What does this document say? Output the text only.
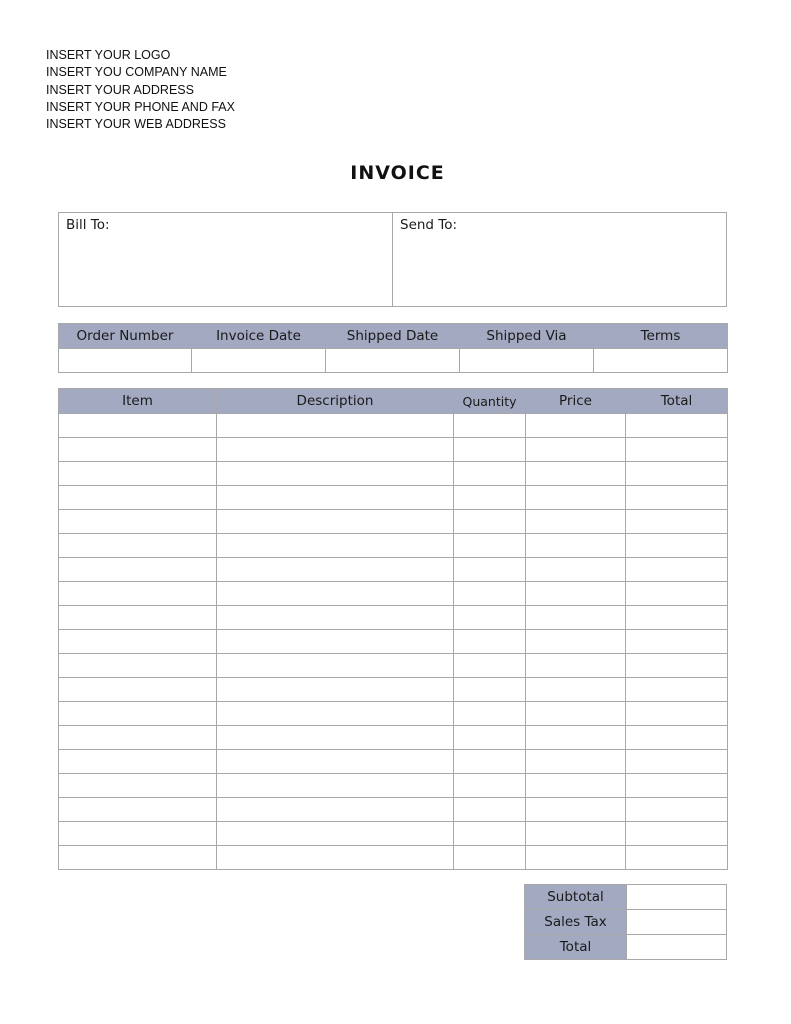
INSERT YOUR LOGO
INSERT YOU COMPANY NAME
INSERT YOUR ADDRESS
INSERT YOUR PHONE AND FAX
INSERT YOUR WEB ADDRESS
INVOICE
Bill To:	Send To:
Order Number	Invoice Date	Shipped Date	Shipped Via	Terms

Item	Description	Quantity	Price	Total

Subtotal	
Sales Tax	
Total	
